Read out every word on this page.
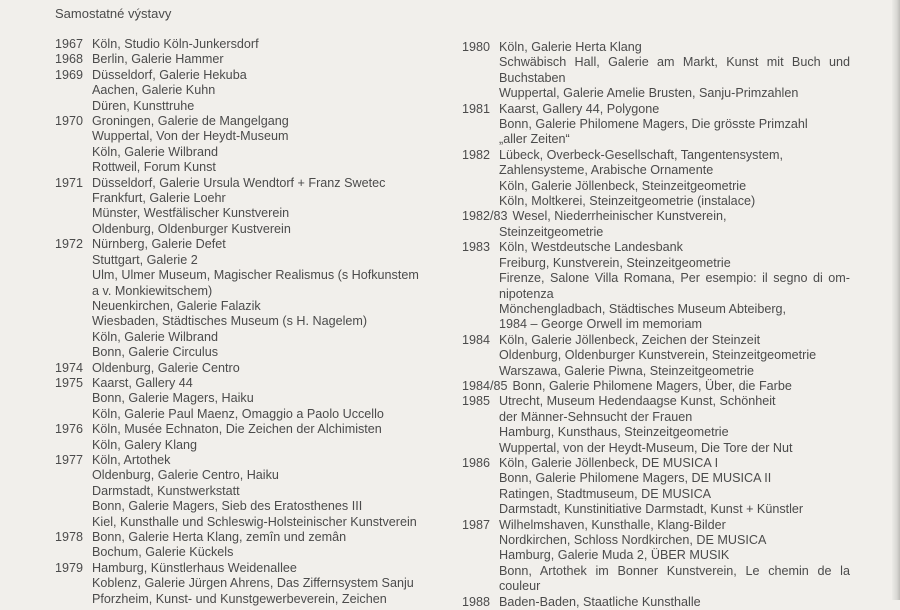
Samostatné výstavy
1967 Köln, Studio Köln-Junkersdorf
1968 Berlin, Galerie Hammer
1969 Düsseldorf, Galerie Hekuba
Aachen, Galerie Kuhn
Düren, Kunsttruhe
1970 Groningen, Galerie de Mangelgang
Wuppertal, Von der Heydt-Museum
Köln, Galerie Wilbrand
Rottweil, Forum Kunst
1971 Düsseldorf, Galerie Ursula Wendtorf + Franz Swetec
Frankfurt, Galerie Loehr
Münster, Westfälischer Kunstverein
Oldenburg, Oldenburger Kustverein
1972 Nürnberg, Galerie Defet
Stuttgart, Galerie 2
Ulm, Ulmer Museum, Magischer Realismus (s Hofkunstem
a v. Monkiewitschem)
Neuenkirchen, Galerie Falazik
Wiesbaden, Städtisches Museum (s H. Nagelem)
Köln, Galerie Wilbrand
Bonn, Galerie Circulus
1974 Oldenburg, Galerie Centro
1975 Kaarst, Gallery 44
Bonn, Galerie Magers, Haiku
Köln, Galerie Paul Maenz, Omaggio a Paolo Uccello
1976 Köln, Musée Echnaton, Die Zeichen der Alchimisten
Köln, Galery Klang
1977 Köln, Artothek
Oldenburg, Galerie Centro, Haiku
Darmstadt, Kunstwerkstatt
Bonn, Galerie Magers, Sieb des Eratosthenes III
Kiel, Kunsthalle und Schleswig-Holsteinischer Kunstverein
1978 Bonn, Galerie Herta Klang, zemîn und zemân
Bochum, Galerie Kückels
1979 Hamburg, Künstlerhaus Weidenallee
Koblenz, Galerie Jürgen Ahrens, Das Ziffernsystem Sanju
Pforzheim, Kunst- und Kunstgewerbeverein, Zeichen
1980 Köln, Galerie Herta Klang
Schwäbisch Hall, Galerie am Markt, Kunst mit Buch und
Buchstaben
Wuppertal, Galerie Amelie Brusten, Sanju-Primzahlen
1981 Kaarst, Gallery 44, Polygone
Bonn, Galerie Philomene Magers, Die grösste Primzahl
„aller Zeiten“
1982 Lübeck, Overbeck-Gesellschaft, Tangentensystem,
Zahlensysteme, Arabische Ornamente
Köln, Galerie Jöllenbeck, Steinzeitgeometrie
Köln, Moltkerei, Steinzeitgeometrie (instalace)
1982/83 Wesel, Niederrheinischer Kunstverein,
Steinzeitgeometrie
1983 Köln, Westdeutsche Landesbank
Freiburg, Kunstverein, Steinzeitgeometrie
Firenze, Salone Villa Romana, Per esempio: il segno di om-
nipotenza
Mönchengladbach, Städtisches Museum Abteiberg,
1984 – George Orwell im memoriam
1984 Köln, Galerie Jöllenbeck, Zeichen der Steinzeit
Oldenburg, Oldenburger Kunstverein, Steinzeitgeometrie
Warszawa, Galerie Piwna, Steinzeitgeometrie
1984/85 Bonn, Galerie Philomene Magers, Über, die Farbe
1985 Utrecht, Museum Hedendaagse Kunst, Schönheit
der Männer-Sehnsucht der Frauen
Hamburg, Kunsthaus, Steinzeitgeometrie
Wuppertal, von der Heydt-Museum, Die Tore der Nut
1986 Köln, Galerie Jöllenbeck, DE MUSICA I
Bonn, Galerie Philomene Magers, DE MUSICA II
Ratingen, Stadtmuseum, DE MUSICA
Darmstadt, Kunstinitiative Darmstadt, Kunst + Künstler
1987 Wilhelmshaven, Kunsthalle, Klang-Bilder
Nordkirchen, Schloss Nordkirchen, DE MUSICA
Hamburg, Galerie Muda 2, ÜBER MUSIK
Bonn, Artothek im Bonner Kunstverein, Le chemin de la
couleur
1988 Baden-Baden, Staatliche Kunsthalle
